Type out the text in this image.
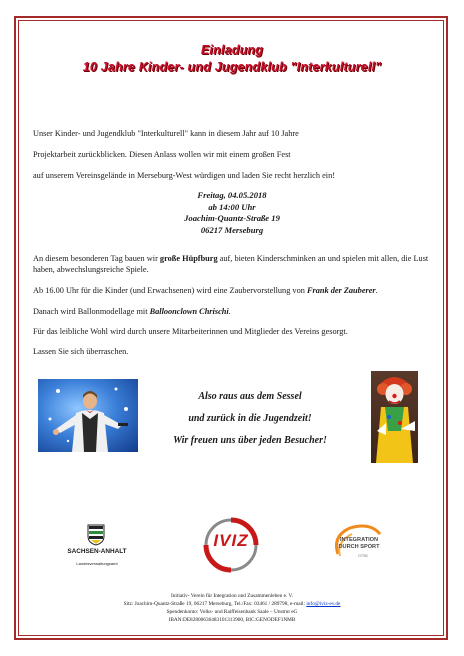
Einladung
10 Jahre Kinder- und Jugendklub "Interkulturell"
Unser Kinder- und Jugendklub "Interkulturell" kann in diesem Jahr auf 10 Jahre
Projektarbeit zurückblicken. Diesen Anlass wollen wir mit einem großen Fest
auf unserem Vereinsgelände in Merseburg-West würdigen und laden Sie recht herzlich ein!
Freitag, 04.05.2018
ab 14:00 Uhr
Joachim-Quantz-Straße 19
06217 Merseburg
An diesem besonderen Tag bauen wir große Hüpfburg auf, bieten Kinderschminken an und spielen mit allen, die Lust haben, abwechslungsreiche Spiele.
Ab 16.00 Uhr für die Kinder (und Erwachsenen) wird eine Zaubervorstellung von Frank der Zauberer.
Danach wird Ballonmodellage mit Balloonclown Chrischi.
Für das leibliche Wohl wird durch unsere Mitarbeiterinnen und Mitglieder des Vereins gesorgt.
Lassen Sie sich überraschen.
Also raus aus dem Sessel
und zurück in die Jugendzeit!
Wir freuen uns über jeden Besucher!
SACHSEN-ANHALT
Landesverwaltungsamt
IVIZ	INTEGRATION
DURCH SPORT
DTSB
Initiativ- Verein für Integration und Zusammenleben e. V.
Sitz: Joachim-Quantz-Straße 19, 06217 Merseburg, Tel./Fax: 03461 / 289798, e-mail: info@iviz-ev.de
Spendenkonto: Volks- und Raiffeisenbank Saale – Unstrut eG
IBAN:DE82800636483101313900, BIC:GENODEF1NMB
